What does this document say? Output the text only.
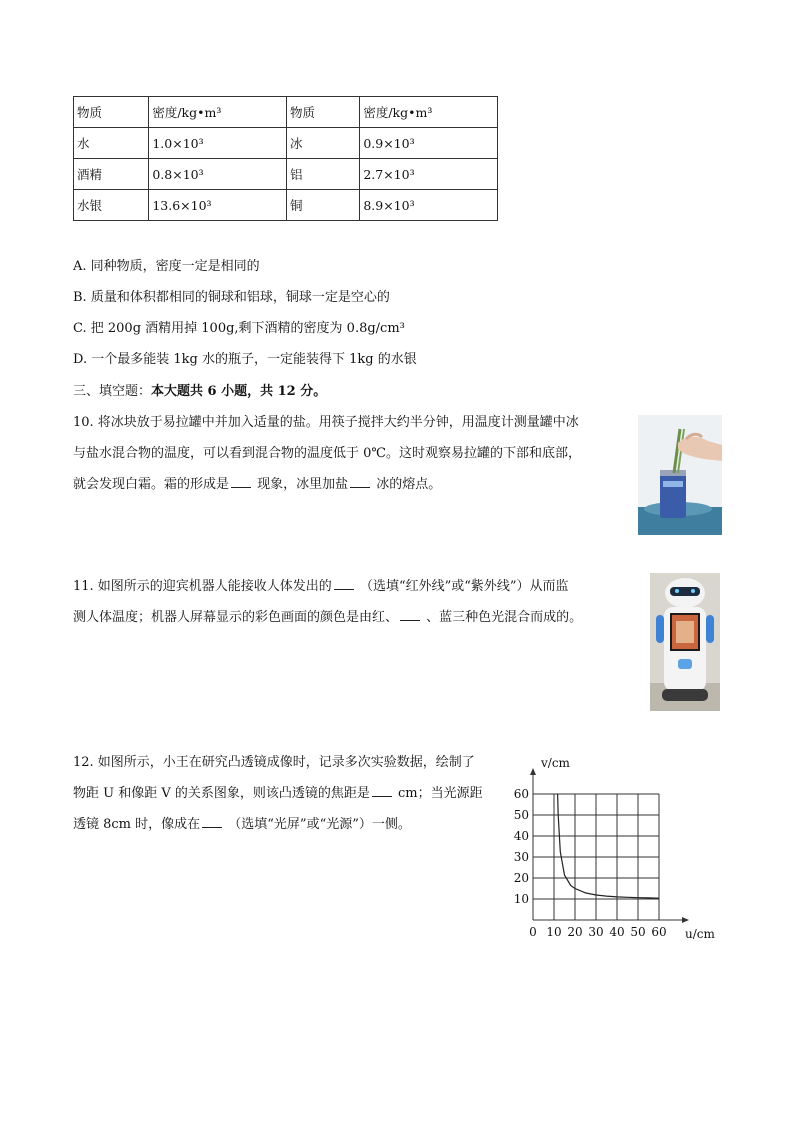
物质	密度/kg•m³	物质	密度/kg•m³
水	1.0×10³	冰	0.9×10³
酒精	0.8×10³	铝	2.7×10³
水银	13.6×10³	铜	8.9×10³
A. 同种物质，密度一定是相同的
B. 质量和体积都相同的铜球和铝球，铜球一定是空心的
C. 把 200g 酒精用掉 100g,剩下酒精的密度为 0.8g/cm³
D. 一个最多能装 1kg 水的瓶子，一定能装得下 1kg 的水银
三、填空题：本大题共 6 小题，共 12 分。
10. 将冰块放于易拉罐中并加入适量的盐。用筷子搅拌大约半分钟，用温度计测量罐中冰
与盐水混合物的温度，可以看到混合物的温度低于 0℃。这时观察易拉罐的下部和底部，
就会发现白霜。霜的形成是 现象，冰里加盐 冰的熔点。
11. 如图所示的迎宾机器人能接收人体发出的 （选填“红外线”或“紫外线”）从而监
测人体温度；机器人屏幕显示的彩色画面的颜色是由红、 、蓝三种色光混合而成的。
12. 如图所示，小王在研究凸透镜成像时，记录多次实验数据，绘制了
物距 U 和像距 V 的关系图象，则该凸透镜的焦距是 cm；当光源距
透镜 8cm 时，像成在 （选填“光屏”或“光源”）一侧。
0 10 20 30 40 50 60
10
20
30
40
50
60
v/cm
u/cm
